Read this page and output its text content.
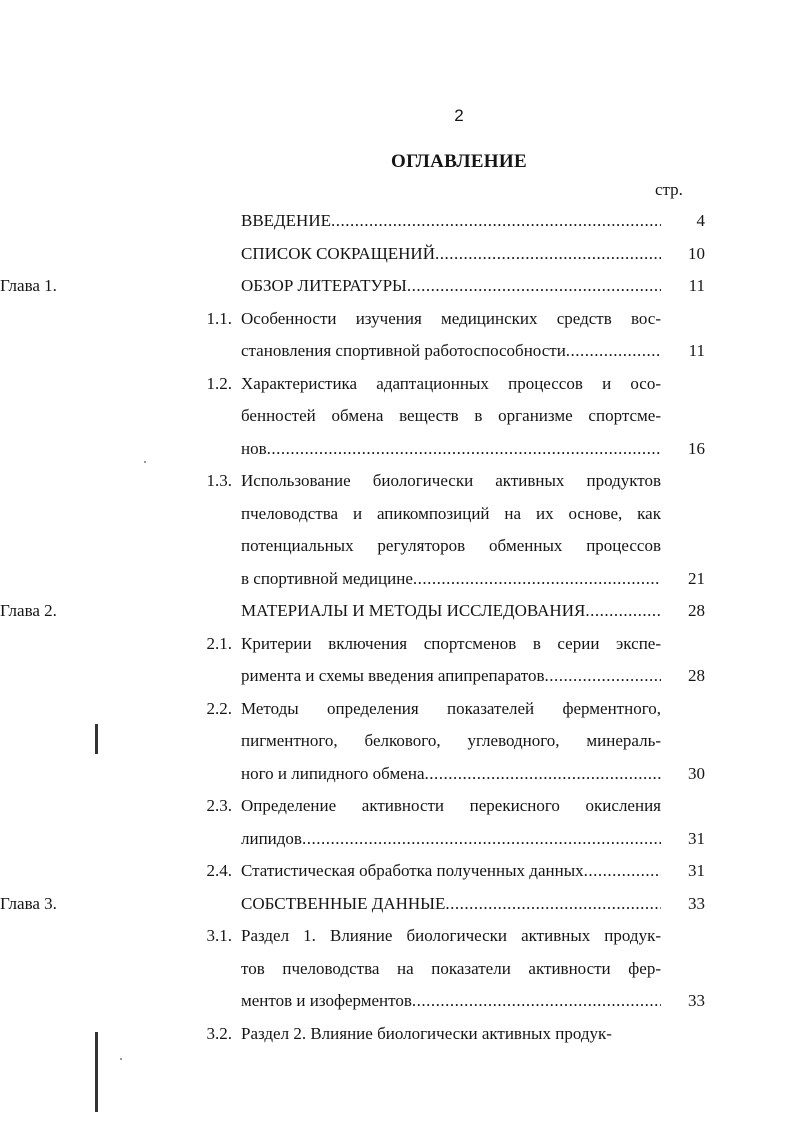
2
ОГЛАВЛЕНИЕ
стр.
ВВЕДЕНИЕ .....	4
СПИСОК СОКРАЩЕНИЙ .....	10
Глава 1.	ОБЗОР ЛИТЕРАТУРЫ .....	11
1.1. Особенности изучения медицинских средств вос-
становления спортивной работоспособности .....	11
1.2. Характеристика адаптационных процессов и осо-
бенностей обмена веществ в организме спортсме-
нов .....	16
1.3. Использование биологически активных продуктов
пчеловодства и апикомпозиций на их основе, как
потенциальных регуляторов обменных процессов
в спортивной медицине .....	21
Глава 2.	МАТЕРИАЛЫ И МЕТОДЫ ИССЛЕДОВАНИЯ .....	28
2.1. Критерии включения спортсменов в серии экспе-
римента и схемы введения апипрепаратов .....	28
2.2. Методы определения показателей ферментного,
пигментного, белкового, углеводного, минераль-
ного и липидного обмена .....	30
2.3. Определение активности перекисного окисления
липидов .....	31
2.4. Статистическая обработка полученных данных .....	31
Глава 3.	СОБСТВЕННЫЕ ДАННЫЕ .....	33
3.1. Раздел 1. Влияние биологически активных продук-
тов пчеловодства на показатели активности фер-
ментов и изоферментов .....	33
3.2. Раздел 2. Влияние биологически активных продук-
